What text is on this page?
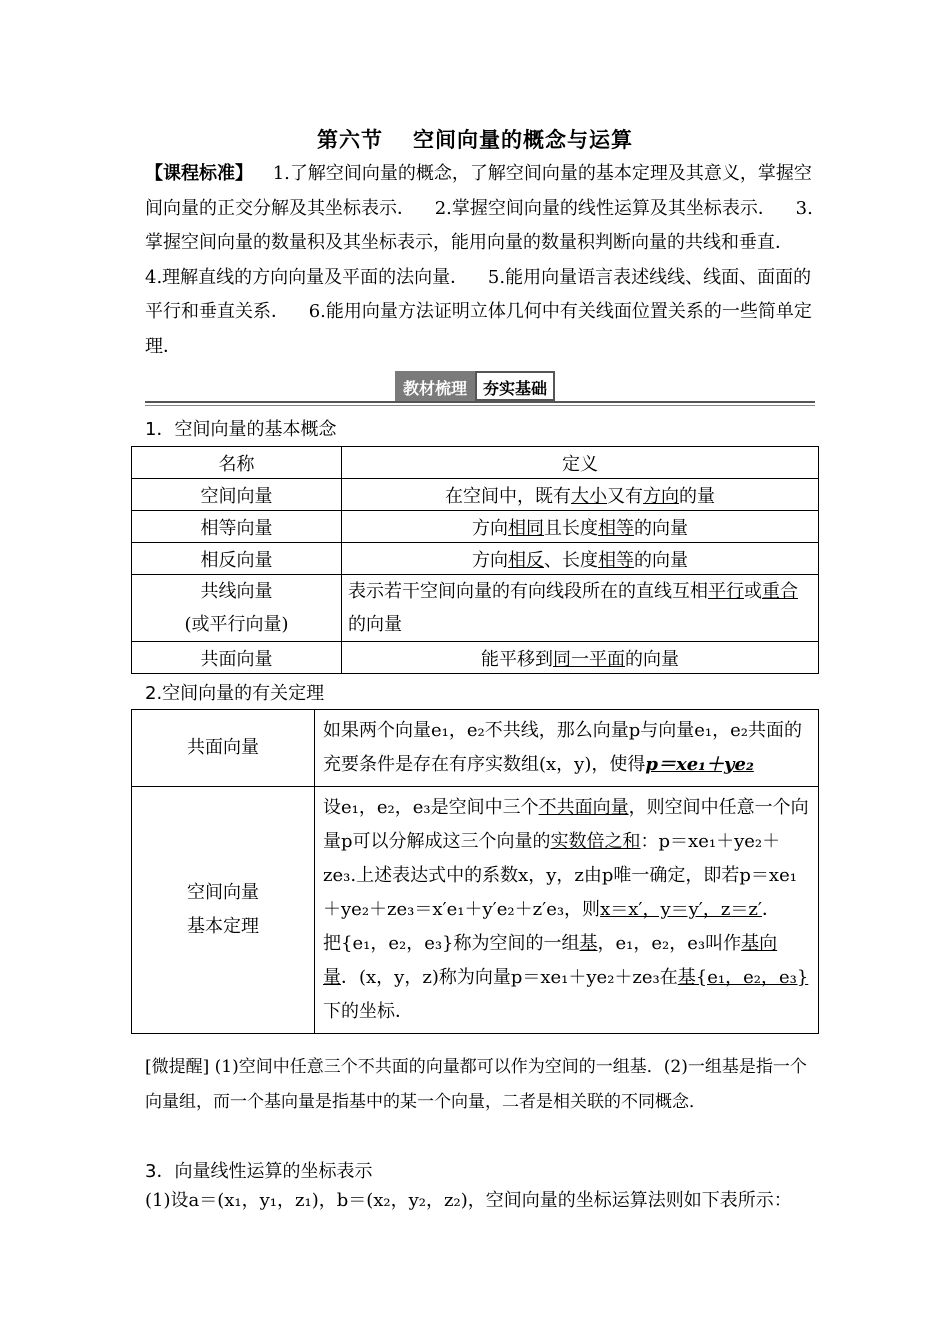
第六节 空间向量的概念与运算
【课程标准】 1.了解空间向量的概念，了解空间向量的基本定理及其意义，掌握空间向量的正交分解及其坐标表示． 2.掌握空间向量的线性运算及其坐标表示． 3.掌握空间向量的数量积及其坐标表示，能用向量的数量积判断向量的共线和垂直． 4.理解直线的方向向量及平面的法向量． 5.能用向量语言表述线线、线面、面面的平行和垂直关系． 6.能用向量方法证明立体几何中有关线面位置关系的一些简单定理．
教材梳理	夯实基础
1．空间向量的基本概念
名称	定义
空间向量	在空间中，既有大小又有方向的量
相等向量	方向相同且长度相等的向量
相反向量	方向相反、长度相等的向量
共线向量
(或平行向量)	表示若干空间向量的有向线段所在的直线互相平行或重合的向量
共面向量	能平移到同一平面的向量
2.空间向量的有关定理
共面向量	如果两个向量e₁，e₂不共线，那么向量p与向量e₁，e₂共面的充要条件是存在有序实数组(x，y)，使得p＝xe₁＋ye₂
空间向量
基本定理	设e₁，e₂，e₃是空间中三个不共面向量，则空间中任意一个向量p可以分解成这三个向量的实数倍之和：p＝xe₁＋ye₂＋ze₃.上述表达式中的系数x，y，z由p唯一确定，即若p＝xe₁＋ye₂＋ze₃＝x′e₁＋y′e₂＋z′e₃，则x＝x′，y＝y′，z＝z′．
把{e₁，e₂，e₃}称为空间的一组基，e₁，e₂，e₃叫作基向量．(x，y，z)称为向量p＝xe₁＋ye₂＋ze₃在基{e₁，e₂，e₃}下的坐标．
[微提醒] (1)空间中任意三个不共面的向量都可以作为空间的一组基．(2)一组基是指一个向量组，而一个基向量是指基中的某一个向量，二者是相关联的不同概念．
3．向量线性运算的坐标表示
(1)设a＝(x₁，y₁，z₁)，b＝(x₂，y₂，z₂)，空间向量的坐标运算法则如下表所示：
